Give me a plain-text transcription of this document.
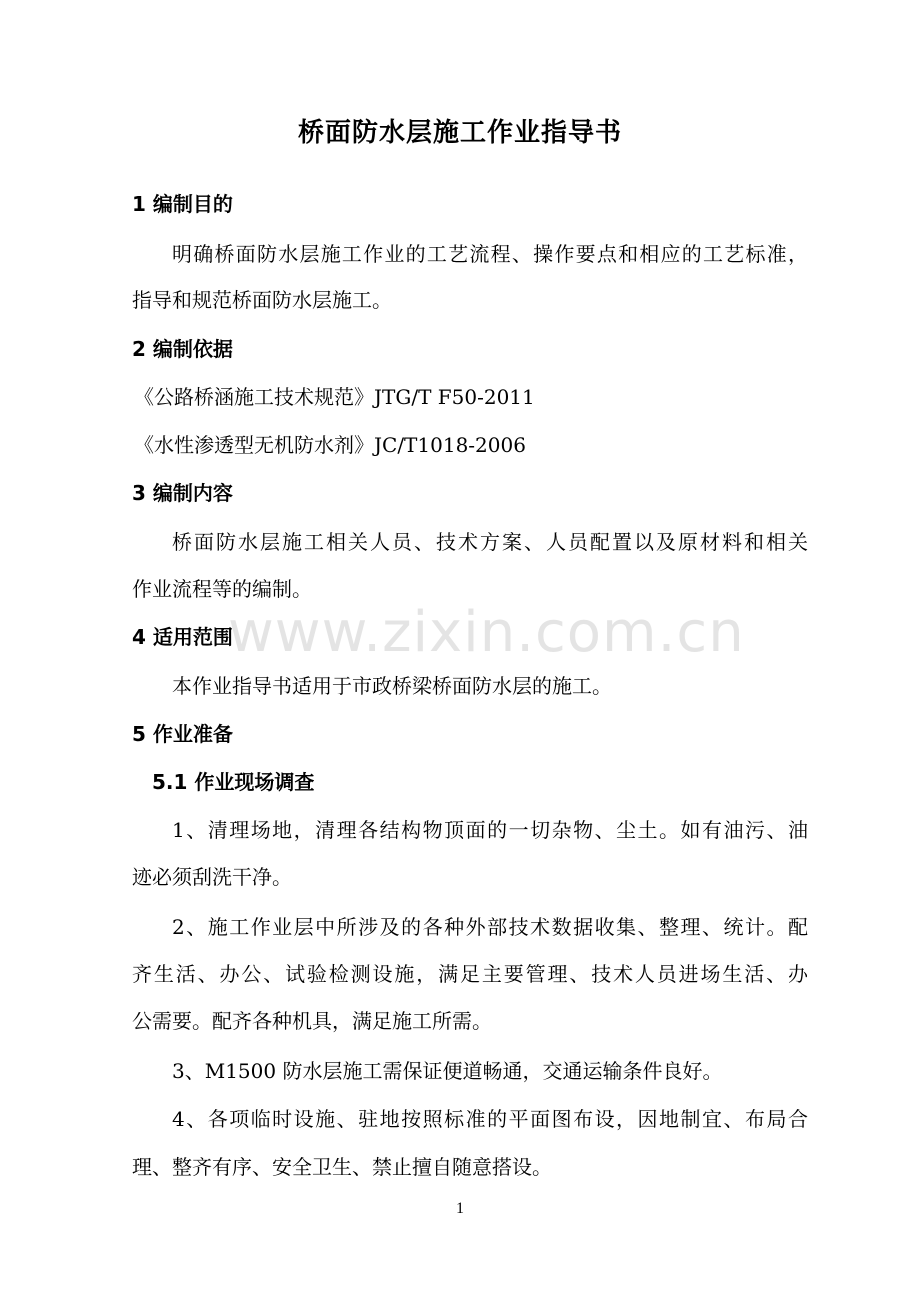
桥面防水层施工作业指导书
1 编制目的
明确桥面防水层施工作业的工艺流程、操作要点和相应的工艺标准，
指导和规范桥面防水层施工。
2 编制依据
《公路桥涵施工技术规范》JTG/T F50-2011
《水性渗透型无机防水剂》JC/T1018-2006
3 编制内容
桥面防水层施工相关人员、技术方案、人员配置以及原材料和相关
作业流程等的编制。
4 适用范围
本作业指导书适用于市政桥梁桥面防水层的施工。
5 作业准备
5.1 作业现场调查
1、清理场地，清理各结构物顶面的一切杂物、尘土。如有油污、油
迹必须刮洗干净。
2、施工作业层中所涉及的各种外部技术数据收集、整理、统计。配
齐生活、办公、试验检测设施，满足主要管理、技术人员进场生活、办
公需要。配齐各种机具，满足施工所需。
3、M1500 防水层施工需保证便道畅通，交通运输条件良好。
4、各项临时设施、驻地按照标准的平面图布设，因地制宜、布局合
理、整齐有序、安全卫生、禁止擅自随意搭设。
www.zixin.com.cn
1
